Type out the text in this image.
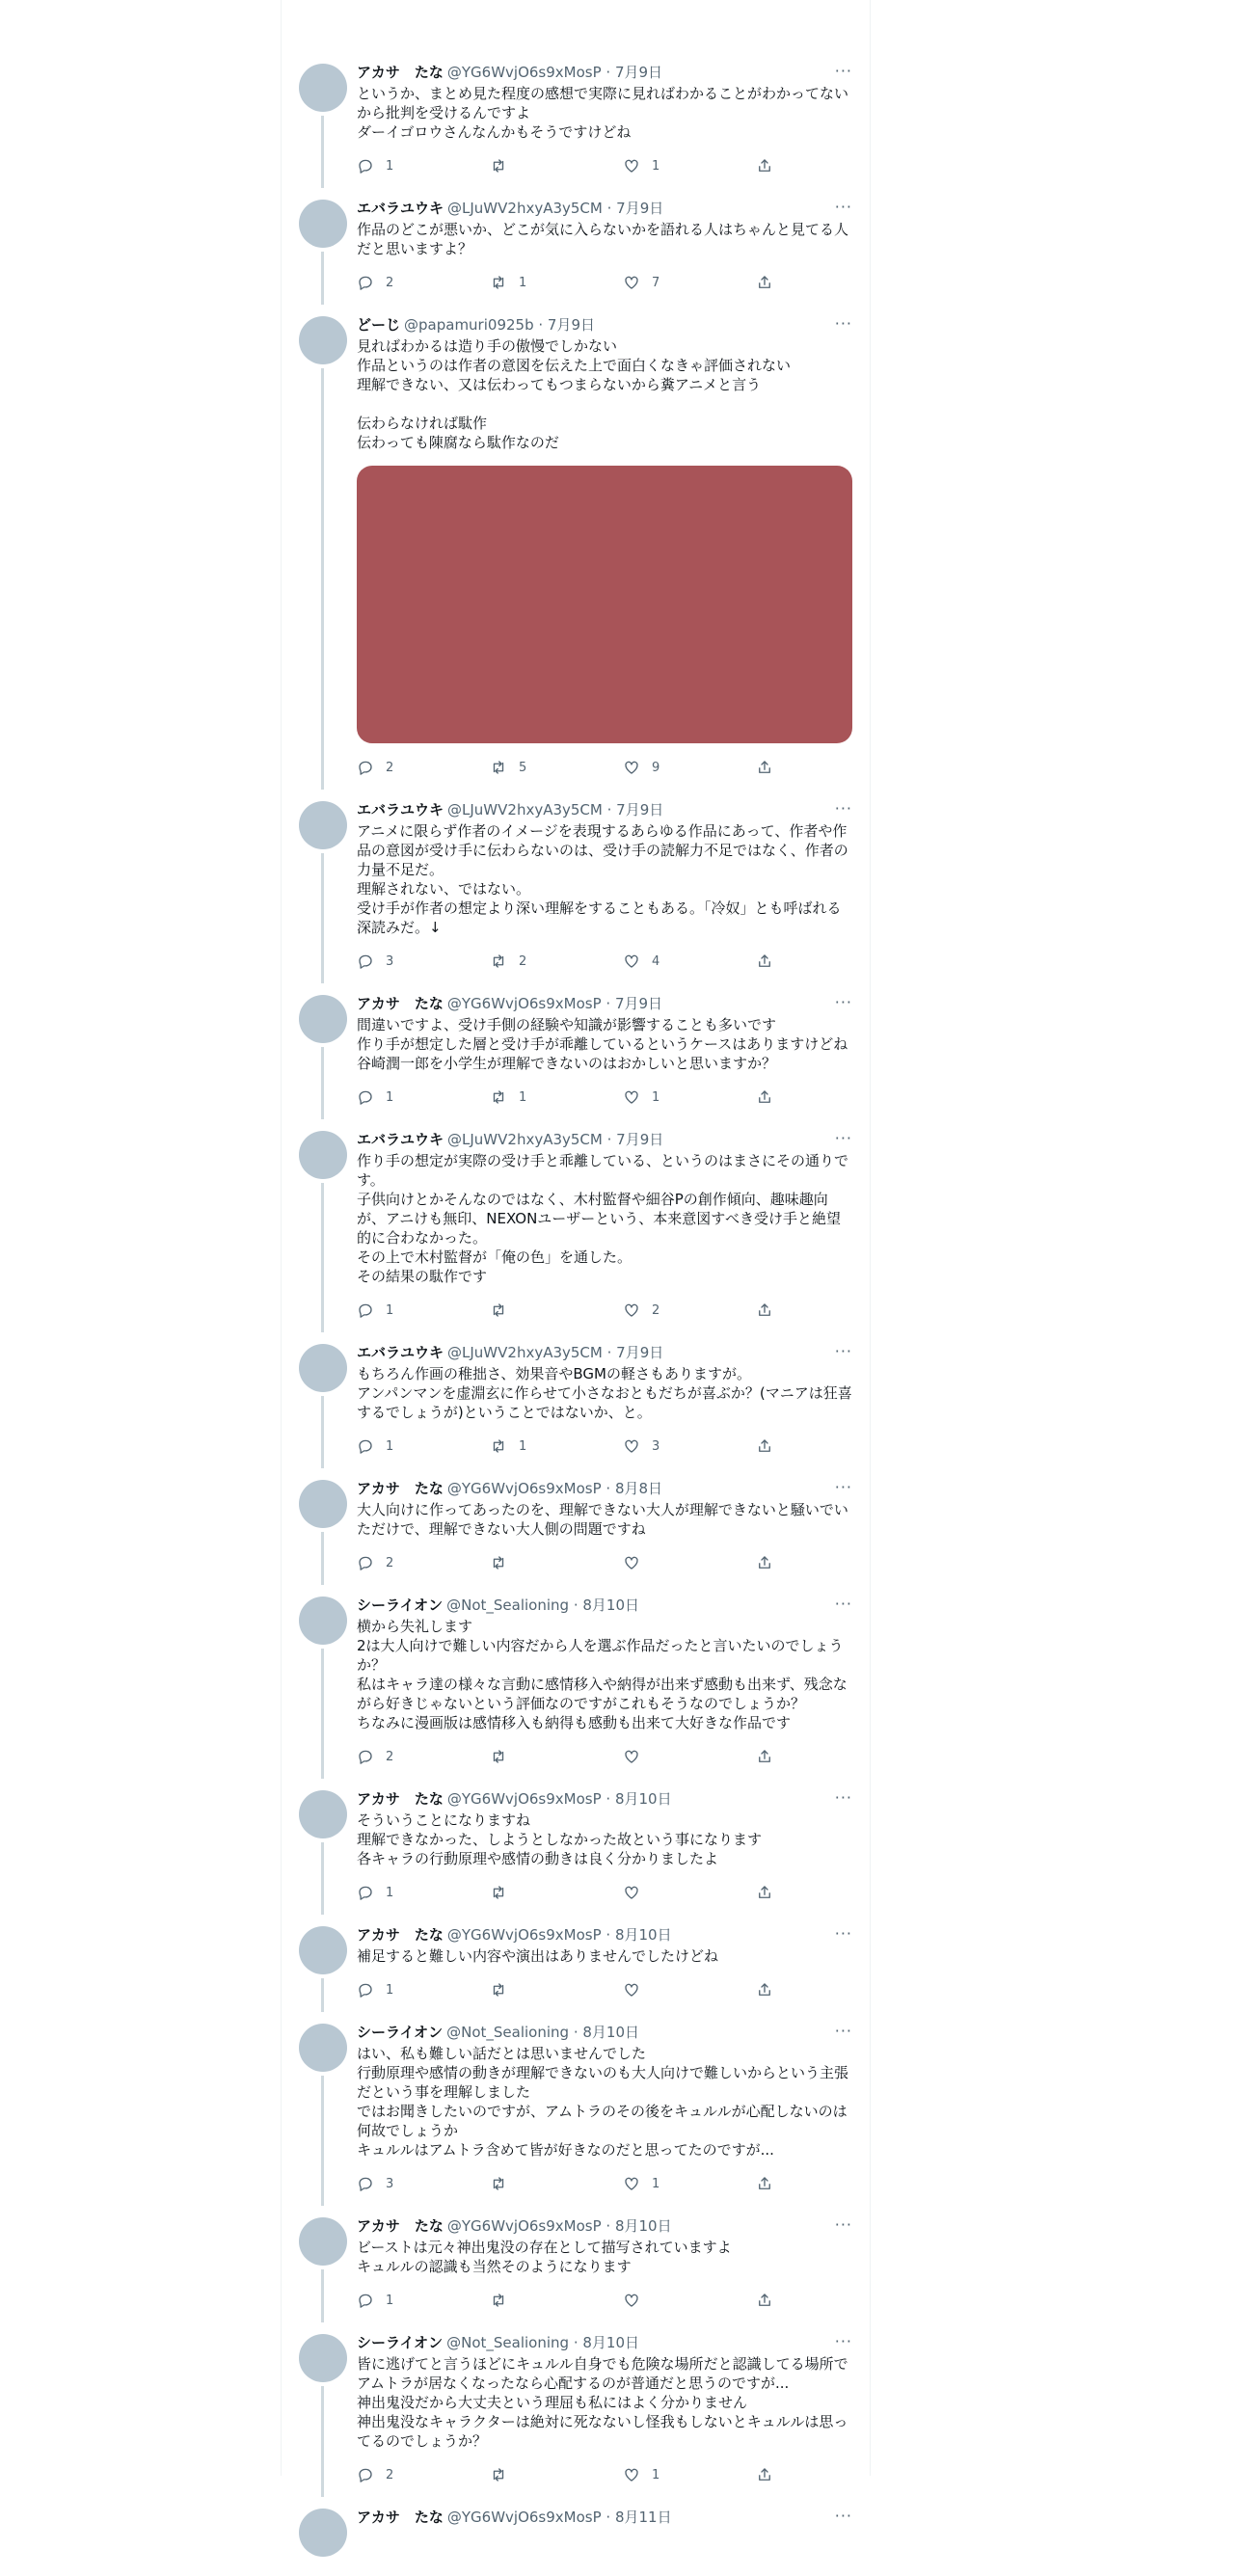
···
アカサ　たな @YG6WvjO6s9xMosP · 7月9日
というか、まとめ見た程度の感想で実際に見ればわかることがわかってないから批判を受けるんですよ
ダーイゴロウさんなんかもそうですけどね
1	1
···
エバラユウキ @LJuWV2hxyA3y5CM · 7月9日
作品のどこが悪いか、どこが気に入らないかを語れる人はちゃんと見てる人だと思いますよ？
2	1	7
···
どーじ @papamuri0925b · 7月9日
見ればわかるは造り手の傲慢でしかない
作品というのは作者の意図を伝えた上で面白くなきゃ評価されない
理解できない、又は伝わってもつまらないから糞アニメと言う

伝わらなければ駄作
伝わっても陳腐なら駄作なのだ
2	5	9
···
エバラユウキ @LJuWV2hxyA3y5CM · 7月9日
アニメに限らず作者のイメージを表現するあらゆる作品にあって、作者や作品の意図が受け手に伝わらないのは、受け手の読解力不足ではなく、作者の力量不足だ。
理解されない、ではない。
受け手が作者の想定より深い理解をすることもある。「冷奴」とも呼ばれる深読みだ。↓
3	2	4
···
アカサ　たな @YG6WvjO6s9xMosP · 7月9日
間違いですよ、受け手側の経験や知識が影響することも多いです
作り手が想定した層と受け手が乖離しているというケースはありますけどね
谷崎潤一郎を小学生が理解できないのはおかしいと思いますか？
1	1	1
···
エバラユウキ @LJuWV2hxyA3y5CM · 7月9日
作り手の想定が実際の受け手と乖離している、というのはまさにその通りです。
子供向けとかそんなのではなく、木村監督や細谷Pの創作傾向、趣味趣向が、アニけも無印、NEXONユーザーという、本来意図すべき受け手と絶望的に合わなかった。
その上で木村監督が「俺の色」を通した。
その結果の駄作です
1	2
···
エバラユウキ @LJuWV2hxyA3y5CM · 7月9日
もちろん作画の稚拙さ、効果音やBGMの軽さもありますが。
アンパンマンを虚淵玄に作らせて小さなおともだちが喜ぶか？(マニアは狂喜するでしょうが)ということではないか、と。
1	1	3
···
アカサ　たな @YG6WvjO6s9xMosP · 8月8日
大人向けに作ってあったのを、理解できない大人が理解できないと騒いでいただけで、理解できない大人側の問題ですね
2
···
シーライオン @Not_Sealioning · 8月10日
横から失礼します
2は大人向けで難しい内容だから人を選ぶ作品だったと言いたいのでしょうか？
私はキャラ達の様々な言動に感情移入や納得が出来ず感動も出来ず、残念ながら好きじゃないという評価なのですがこれもそうなのでしょうか？
ちなみに漫画版は感情移入も納得も感動も出来て大好きな作品です
2
···
アカサ　たな @YG6WvjO6s9xMosP · 8月10日
そういうことになりますね
理解できなかった、しようとしなかった故という事になります
各キャラの行動原理や感情の動きは良く分かりましたよ
1
···
アカサ　たな @YG6WvjO6s9xMosP · 8月10日
補足すると難しい内容や演出はありませんでしたけどね
1
···
シーライオン @Not_Sealioning · 8月10日
はい、私も難しい話だとは思いませんでした
行動原理や感情の動きが理解できないのも大人向けで難しいからという主張だという事を理解しました
ではお聞きしたいのですが、アムトラのその後をキュルルが心配しないのは何故でしょうか
キュルルはアムトラ含めて皆が好きなのだと思ってたのですが...
3	1
···
アカサ　たな @YG6WvjO6s9xMosP · 8月10日
ビーストは元々神出鬼没の存在として描写されていますよ
キュルルの認識も当然そのようになります
1
···
シーライオン @Not_Sealioning · 8月10日
皆に逃げてと言うほどにキュルル自身でも危険な場所だと認識してる場所でアムトラが居なくなったなら心配するのが普通だと思うのですが...
神出鬼没だから大丈夫という理屈も私にはよく分かりません
神出鬼没なキャラクターは絶対に死なないし怪我もしないとキュルルは思ってるのでしょうか？
2	1
···
アカサ　たな @YG6WvjO6s9xMosP · 8月11日
